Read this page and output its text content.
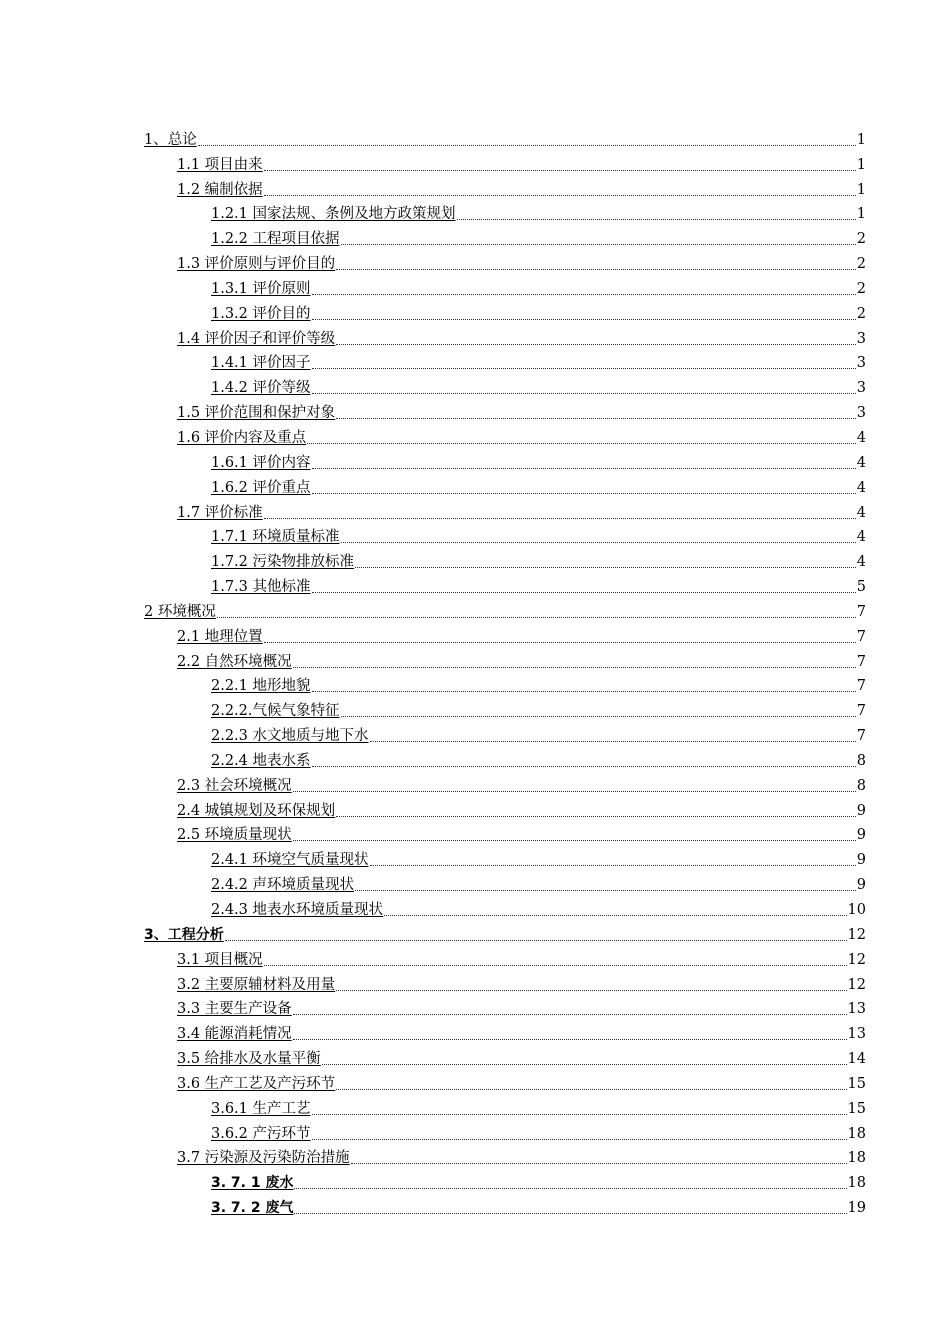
1、总论	1
1.1 项目由来	1
1.2 编制依据	1
1.2.1 国家法规、条例及地方政策规划	1
1.2.2 工程项目依据	2
1.3 评价原则与评价目的	2
1.3.1 评价原则	2
1.3.2 评价目的	2
1.4 评价因子和评价等级	3
1.4.1 评价因子	3
1.4.2 评价等级	3
1.5 评价范围和保护对象	3
1.6 评价内容及重点	4
1.6.1 评价内容	4
1.6.2 评价重点	4
1.7 评价标准	4
1.7.1 环境质量标准	4
1.7.2 污染物排放标准	4
1.7.3 其他标准	5
2 环境概况	7
2.1 地理位置	7
2.2 自然环境概况	7
2.2.1 地形地貌	7
2.2.2.气候气象特征	7
2.2.3 水文地质与地下水	7
2.2.4 地表水系	8
2.3 社会环境概况	8
2.4 城镇规划及环保规划	9
2.5 环境质量现状	9
2.4.1 环境空气质量现状	9
2.4.2 声环境质量现状	9
2.4.3 地表水环境质量现状	10
3、工程分析	12
3.1 项目概况	12
3.2 主要原辅材料及用量	12
3.3 主要生产设备	13
3.4 能源消耗情况	13
3.5 给排水及水量平衡	14
3.6 生产工艺及产污环节	15
3.6.1 生产工艺	15
3.6.2 产污环节	18
3.7 污染源及污染防治措施	18
3. 7. 1 废水	18
3. 7. 2 废气	19
